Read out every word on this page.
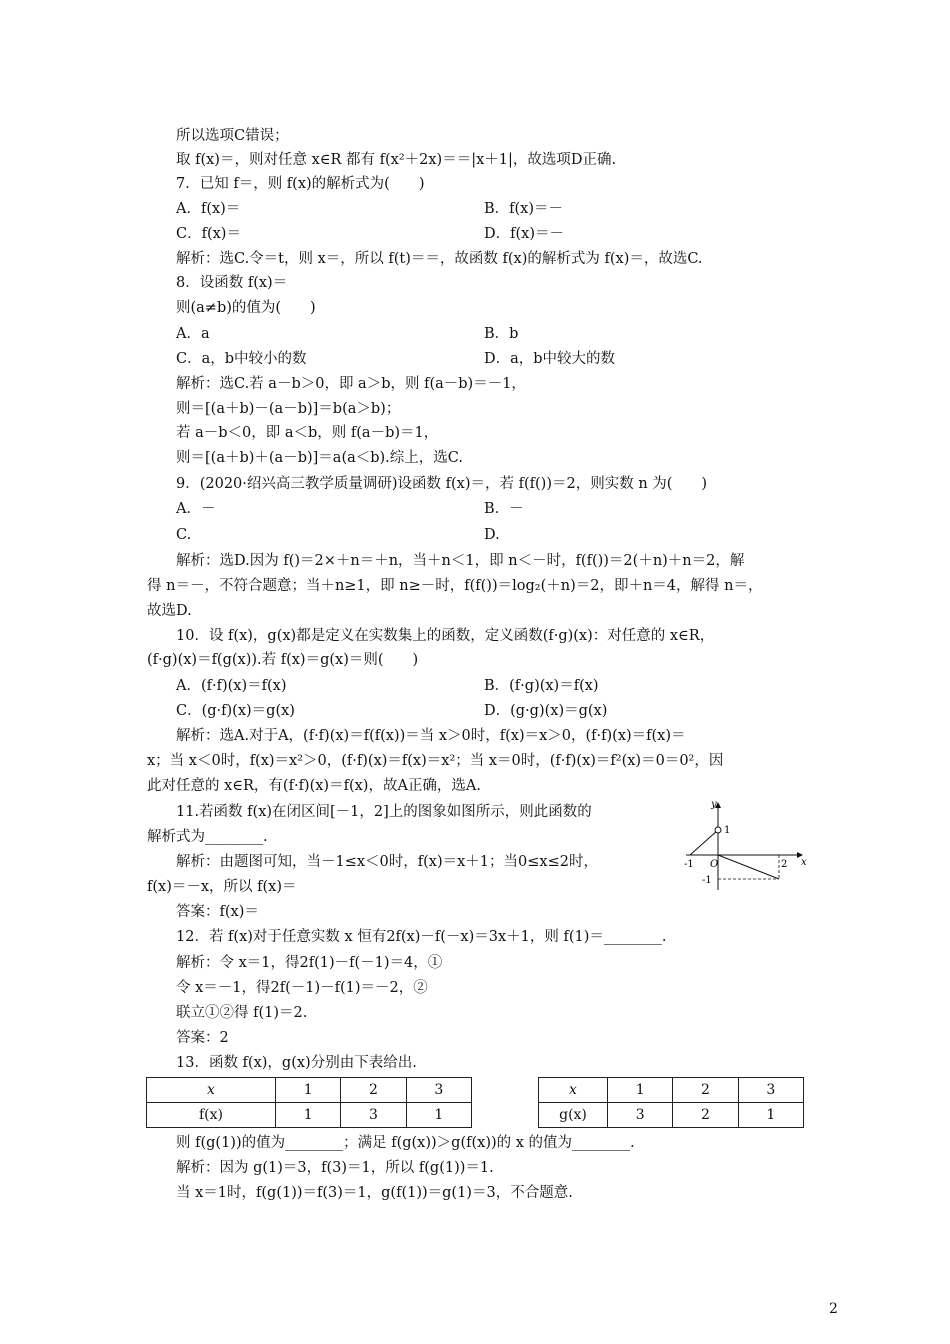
所以选项C错误；
取 f(x)＝，则对任意 x∈R 都有 f(x²＋2x)＝＝|x＋1|，故选项D正确.
7．已知 f＝，则 f(x)的解析式为(　　)
A．f(x)＝	B．f(x)＝－
C．f(x)＝	D．f(x)＝－
解析：选C.令＝t，则 x＝，所以 f(t)＝＝，故函数 f(x)的解析式为 f(x)＝，故选C.
8．设函数 f(x)＝
则(a≠b)的值为(　　)
A．a	B．b
C．a，b中较小的数	D．a，b中较大的数
解析：选C.若 a－b＞0，即 a＞b，则 f(a－b)＝－1，
则＝[(a＋b)－(a－b)]＝b(a＞b)；
若 a－b＜0，即 a＜b，则 f(a－b)＝1，
则＝[(a＋b)＋(a－b)]＝a(a＜b).综上，选C.
9．(2020·绍兴高三教学质量调研)设函数 f(x)＝，若 f(f())＝2，则实数 n 为(　　)
A．－	B．－
C.	D.
解析：选D.因为 f()＝2×＋n＝＋n，当＋n＜1，即 n＜－时，f(f())＝2(＋n)＋n＝2，解
得 n＝－，不符合题意；当＋n≥1，即 n≥－时，f(f())＝log₂(＋n)＝2，即＋n＝4，解得 n＝，
故选D.
10．设 f(x)，g(x)都是定义在实数集上的函数，定义函数(f·g)(x)：对任意的 x∈R，
(f·g)(x)＝f(g(x)).若 f(x)＝g(x)＝则(　　)
A．(f·f)(x)＝f(x)	B．(f·g)(x)＝f(x)
C．(g·f)(x)＝g(x)	D．(g·g)(x)＝g(x)
解析：选A.对于A，(f·f)(x)＝f(f(x))＝当 x＞0时，f(x)＝x＞0，(f·f)(x)＝f(x)＝
x；当 x＜0时，f(x)＝x²＞0，(f·f)(x)＝f(x)＝x²；当 x＝0时，(f·f)(x)＝f²(x)＝0＝0²，因
此对任意的 x∈R，有(f·f)(x)＝f(x)，故A正确，选A.
11.若函数 f(x)在闭区间[－1，2]上的图象如图所示，则此函数的
解析式为________.
解析：由题图可知，当－1≤x＜0时，f(x)＝x＋1；当0≤x≤2时，
f(x)＝－x，所以 f(x)＝
答案：f(x)＝
y
x
O
-1	2
1
-1
12．若 f(x)对于任意实数 x 恒有2f(x)－f(－x)＝3x＋1，则 f(1)＝________.
解析：令 x＝1，得2f(1)－f(－1)＝4，①
令 x＝－1，得2f(－1)－f(1)＝－2，②
联立①②得 f(1)＝2.
答案：2
13．函数 f(x)，g(x)分别由下表给出.
x	1	2	3
f(x)	1	3	1
x	1	2	3
g(x)	3	2	1
则 f(g(1))的值为________；满足 f(g(x))＞g(f(x))的 x 的值为________.
解析：因为 g(1)＝3，f(3)＝1，所以 f(g(1))＝1.
当 x＝1时，f(g(1))＝f(3)＝1，g(f(1))＝g(1)＝3，不合题意.
2
